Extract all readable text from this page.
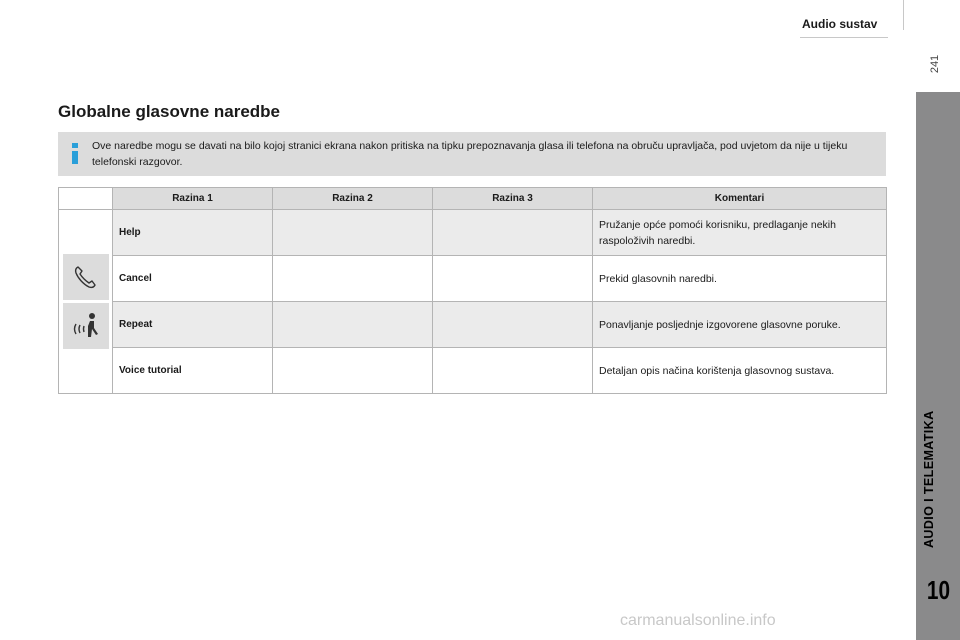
Audio sustav
241
AUDIO I TELEMATIKA
10
Globalne glasovne naredbe
Ove naredbe mogu se davati na bilo kojoj stranici ekrana nakon pritiska na tipku prepoznavanja glasa ili telefona na obruču upravljača, pod uvjetom da nije u tijeku telefonski razgovor.
	Razina 1	Razina 2	Razina 3	Komentari

	Help			Pružanje opće pomoći korisniku, predlaganje nekih raspoloživih naredbi.
	Cancel			Prekid glasovnih naredbi.
	Repeat			Ponavljanje posljednje izgovorene glasovne poruke.
	Voice tutorial			Detaljan opis načina korištenja glasovnog sustava.
carmanualsonline.info
